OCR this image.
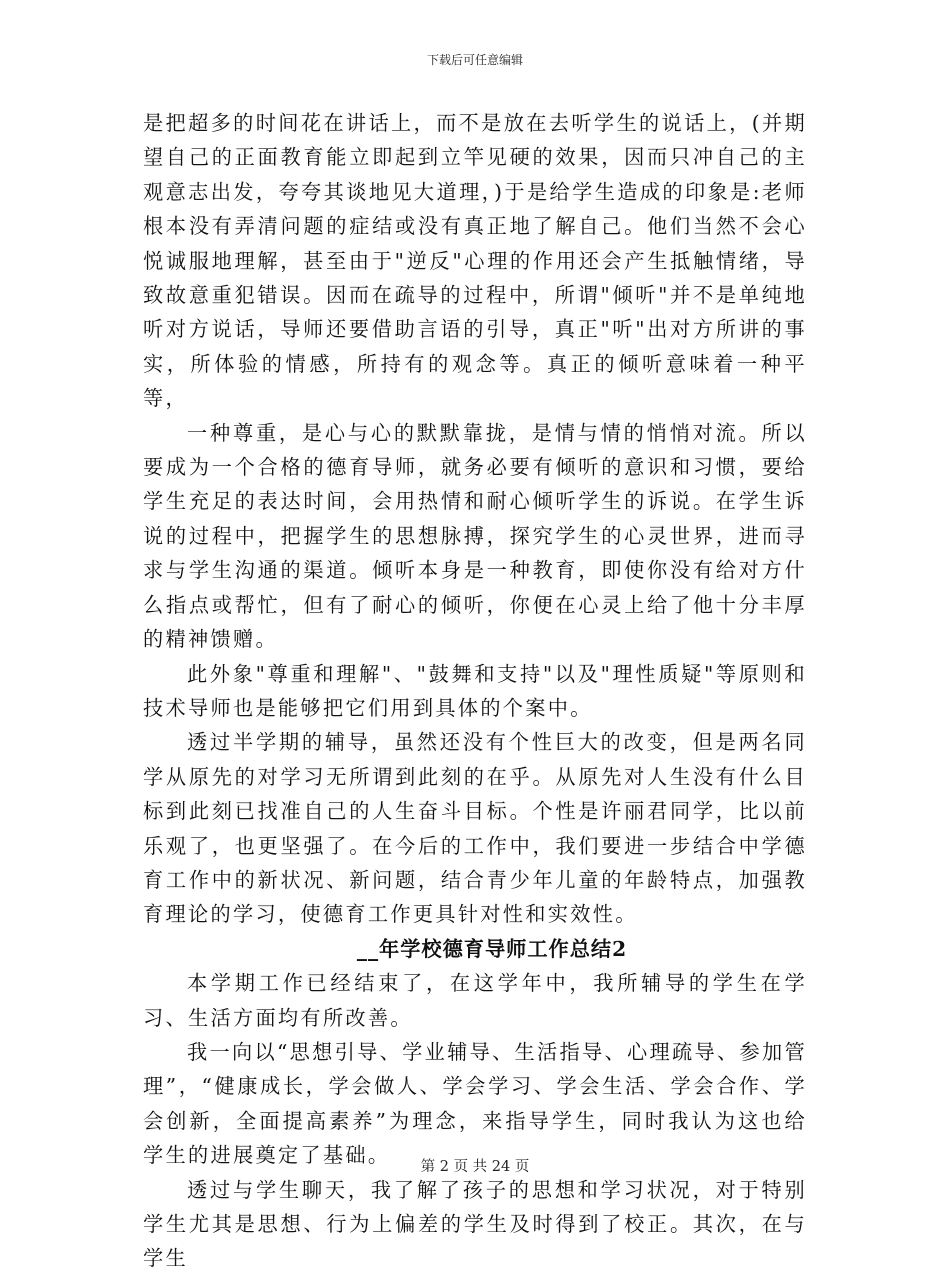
下载后可任意编辑

是把超多的时间花在讲话上，而不是放在去听学生的说话上，(并期望自己的正面教育能立即起到立竿见硬的效果，因而只冲自己的主观意志出发，夸夸其谈地见大道理，)于是给学生造成的印象是:老师根本没有弄清问题的症结或没有真正地了解自己。他们当然不会心悦诚服地理解，甚至由于"逆反"心理的作用还会产生抵触情绪，导致故意重犯错误。因而在疏导的过程中，所谓"倾听"并不是单纯地听对方说话，导师还要借助言语的引导，真正"听"出对方所讲的事实，所体验的情感，所持有的观念等。真正的倾听意味着一种平等，

一种尊重，是心与心的默默靠拢，是情与情的悄悄对流。所以要成为一个合格的德育导师，就务必要有倾听的意识和习惯，要给学生充足的表达时间，会用热情和耐心倾听学生的诉说。在学生诉说的过程中，把握学生的思想脉搏，探究学生的心灵世界，进而寻求与学生沟通的渠道。倾听本身是一种教育，即使你没有给对方什么指点或帮忙，但有了耐心的倾听，你便在心灵上给了他十分丰厚的精神馈赠。

此外象"尊重和理解"、"鼓舞和支持"以及"理性质疑"等原则和技术导师也是能够把它们用到具体的个案中。

透过半学期的辅导，虽然还没有个性巨大的改变，但是两名同学从原先的对学习无所谓到此刻的在乎。从原先对人生没有什么目标到此刻已找准自己的人生奋斗目标。个性是许丽君同学，比以前乐观了，也更坚强了。在今后的工作中，我们要进一步结合中学德育工作中的新状况、新问题，结合青少年儿童的年龄特点，加强教育理论的学习，使德育工作更具针对性和实效性。

__年学校德育导师工作总结2

本学期工作已经结束了，在这学年中，我所辅导的学生在学习、生活方面均有所改善。

我一向以“思想引导、学业辅导、生活指导、心理疏导、参加管理”，“健康成长，学会做人、学会学习、学会生活、学会合作、学会创新，全面提高素养”为理念，来指导学生，同时我认为这也给学生的进展奠定了基础。

透过与学生聊天，我了解了孩子的思想和学习状况，对于特别学生尤其是思想、行为上偏差的学生及时得到了校正。其次，在与学生

第 2 页 共 24 页
